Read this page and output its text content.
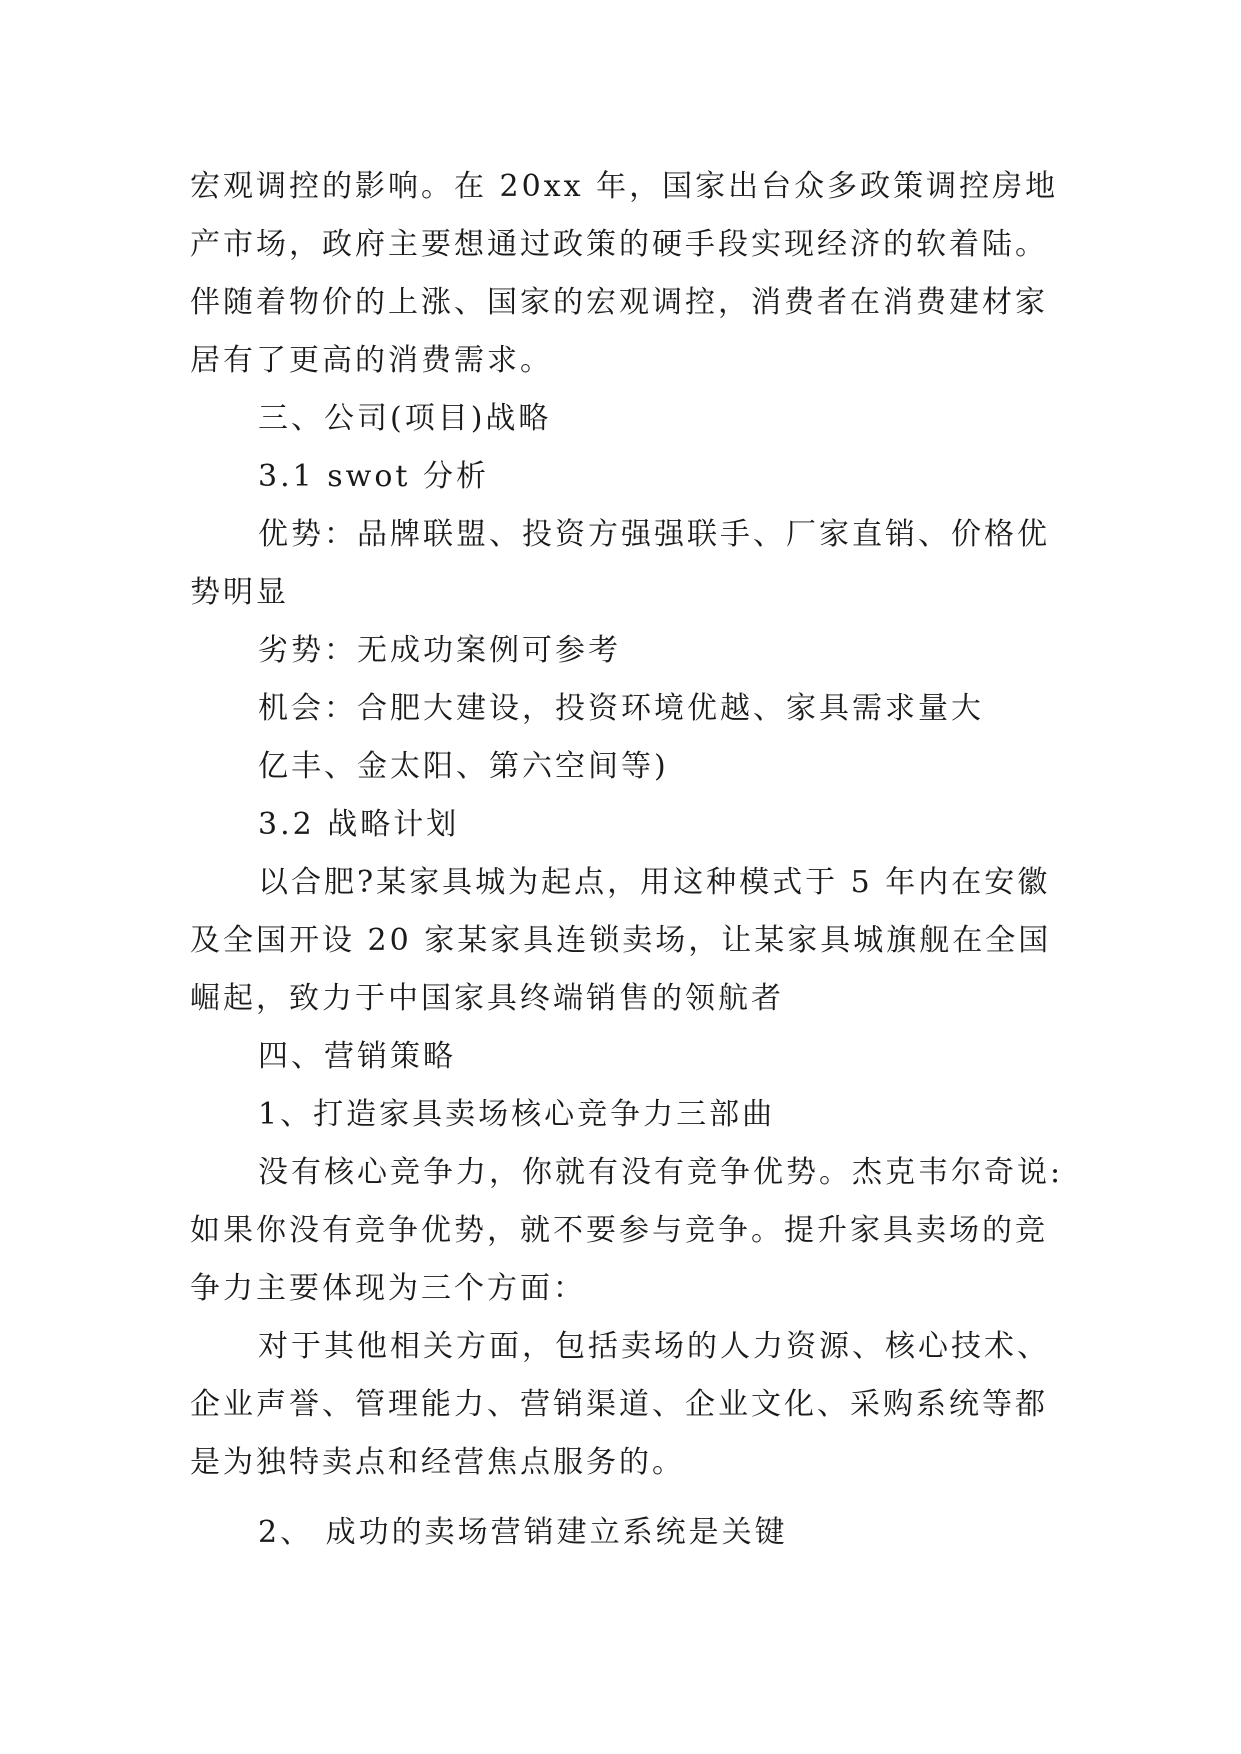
宏观调控的影响。在 20xx 年，国家出台众多政策调控房地
产市场，政府主要想通过政策的硬手段实现经济的软着陆。
伴随着物价的上涨、国家的宏观调控，消费者在消费建材家
居有了更高的消费需求。
三、公司(项目)战略
3.1 swot 分析
优势：品牌联盟、投资方强强联手、厂家直销、价格优
势明显
劣势：无成功案例可参考
机会：合肥大建设，投资环境优越、家具需求量大
亿丰、金太阳、第六空间等)
3.2 战略计划
以合肥?某家具城为起点，用这种模式于 5 年内在安徽
及全国开设 20 家某家具连锁卖场，让某家具城旗舰在全国
崛起，致力于中国家具终端销售的领航者
四、营销策略
1、打造家具卖场核心竞争力三部曲
没有核心竞争力，你就有没有竞争优势。杰克韦尔奇说:
如果你没有竞争优势，就不要参与竞争。提升家具卖场的竞
争力主要体现为三个方面：
对于其他相关方面，包括卖场的人力资源、核心技术、
企业声誉、管理能力、营销渠道、企业文化、采购系统等都
是为独特卖点和经营焦点服务的。
2、 成功的卖场营销建立系统是关键
